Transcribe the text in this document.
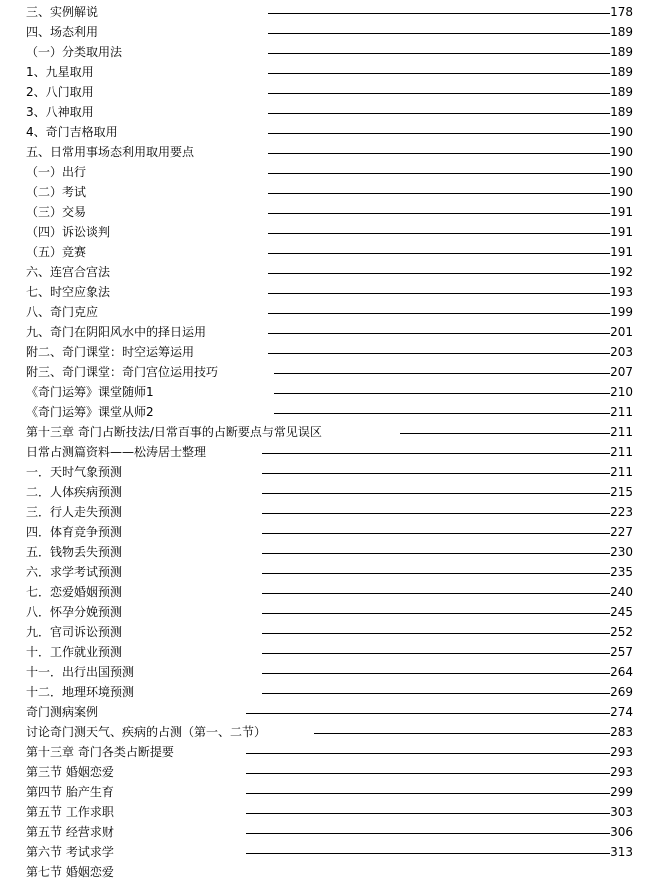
三、实例解说	178
四、场态利用	189
（一）分类取用法	189
1、九星取用	189
2、八门取用	189
3、八神取用	189
4、奇门吉格取用	190
五、日常用事场态利用取用要点	190
（一）出行	190
（二）考试	190
（三）交易	191
（四）诉讼谈判	191
（五）竞赛	191
六、连宫合宫法	192
七、时空应象法	193
八、奇门克应	199
九、奇门在阴阳风水中的择日运用	201
附二、奇门课堂：时空运筹运用	203
附三、奇门课堂：奇门宫位运用技巧	207
《奇门运筹》课堂随师1	210
《奇门运筹》课堂从师2	211
第十三章 奇门占断技法/日常百事的占断要点与常见误区	211
日常占测篇资料——松涛居士整理	211
一．天时气象预测	211
二．人体疾病预测	215
三．行人走失预测	223
四．体育竞争预测	227
五．钱物丢失预测	230
六．求学考试预测	235
七．恋爱婚姻预测	240
八．怀孕分娩预测	245
九．官司诉讼预测	252
十．工作就业预测	257
十一．出行出国预测	264
十二．地理环境预测	269
奇门测病案例	274
讨论奇门测天气、疾病的占测（第一、二节）	283
第十三章 奇门各类占断提要	293
第三节 婚姻恋爱	293
第四节 胎产生育	299
第五节 工作求职	303
第五节 经营求财	306
第六节 考试求学	313
第七节 婚姻恋爱
